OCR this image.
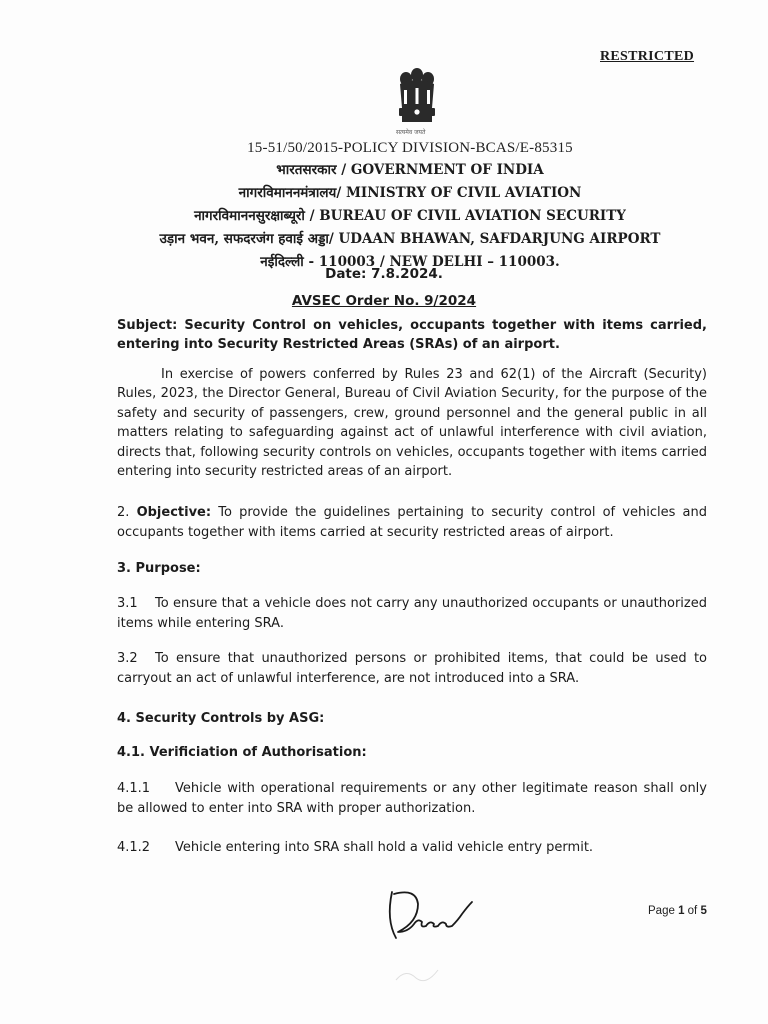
RESTRICTED
सत्यमेव जयते
15-51/50/2015-POLICY DIVISION-BCAS/E-85315
भारतसरकार / GOVERNMENT OF INDIA
नागरविमाननमंत्रालय/ MINISTRY OF CIVIL AVIATION
नागरविमाननसुरक्षाब्यूरो / BUREAU OF CIVIL AVIATION SECURITY
उड़ान भवन, सफदरजंग हवाई अड्डा/ UDAAN BHAWAN, SAFDARJUNG AIRPORT
नईदिल्ली - 110003 / NEW DELHI – 110003.
Date: 7.8.2024.
AVSEC Order No. 9/2024
Subject: Security Control on vehicles, occupants together with items carried, entering into Security Restricted Areas (SRAs) of an airport.
In exercise of powers conferred by Rules 23 and 62(1) of the Aircraft (Security) Rules, 2023, the Director General, Bureau of Civil Aviation Security, for the purpose of the safety and security of passengers, crew, ground personnel and the general public in all matters relating to safeguarding against act of unlawful interference with civil aviation, directs that, following security controls on vehicles, occupants together with items carried entering into security restricted areas of an airport.
2. Objective: To provide the guidelines pertaining to security control of vehicles and occupants together with items carried at security restricted areas of airport.
3. Purpose:
3.1 To ensure that a vehicle does not carry any unauthorized occupants or unauthorized items while entering SRA.
3.2 To ensure that unauthorized persons or prohibited items, that could be used to carryout an act of unlawful interference, are not introduced into a SRA.
4. Security Controls by ASG:
4.1. Verificiation of Authorisation:
4.1.1 Vehicle with operational requirements or any other legitimate reason shall only be allowed to enter into SRA with proper authorization.
4.1.2 Vehicle entering into SRA shall hold a valid vehicle entry permit.
Page 1 of 5
